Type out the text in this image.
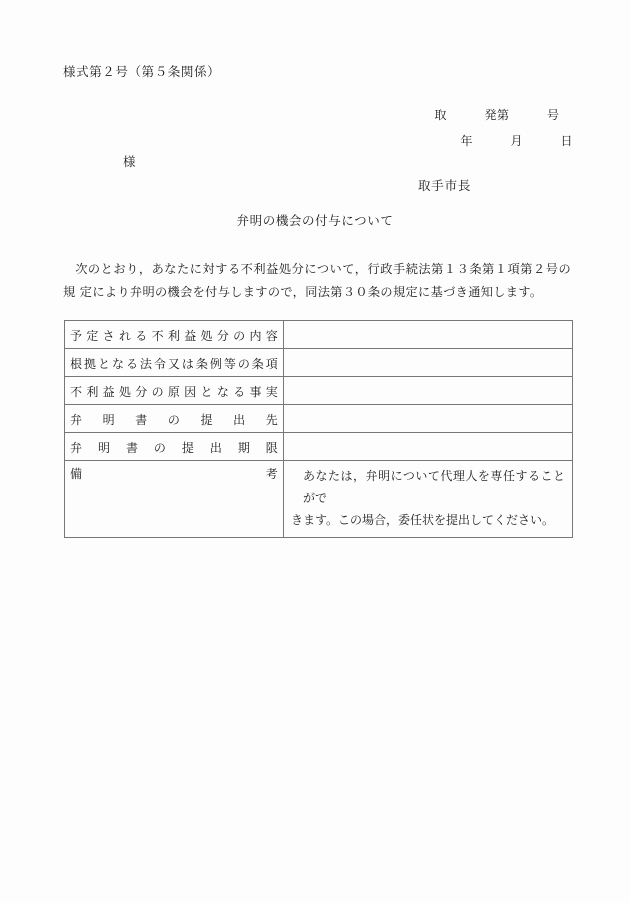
様式第２号（第５条関係）
取　　　発第　　　号
年　　　月　　　日
様
取手市長
弁明の機会の付与について
次のとおり，あなたに対する不利益処分について，行政手続法第１３条第１項第２号の規 定により弁明の機会を付与しますので，同法第３０条の規定に基づき通知します。
予定される不利益処分の内容	
根拠となる法令又は条例等の条項	
不利益処分の原因となる事実	
弁明書の提出先	
弁明書の提出期限	
備考	あなたは，弁明について代理人を専任することがで
きます。この場合，委任状を提出してください。
